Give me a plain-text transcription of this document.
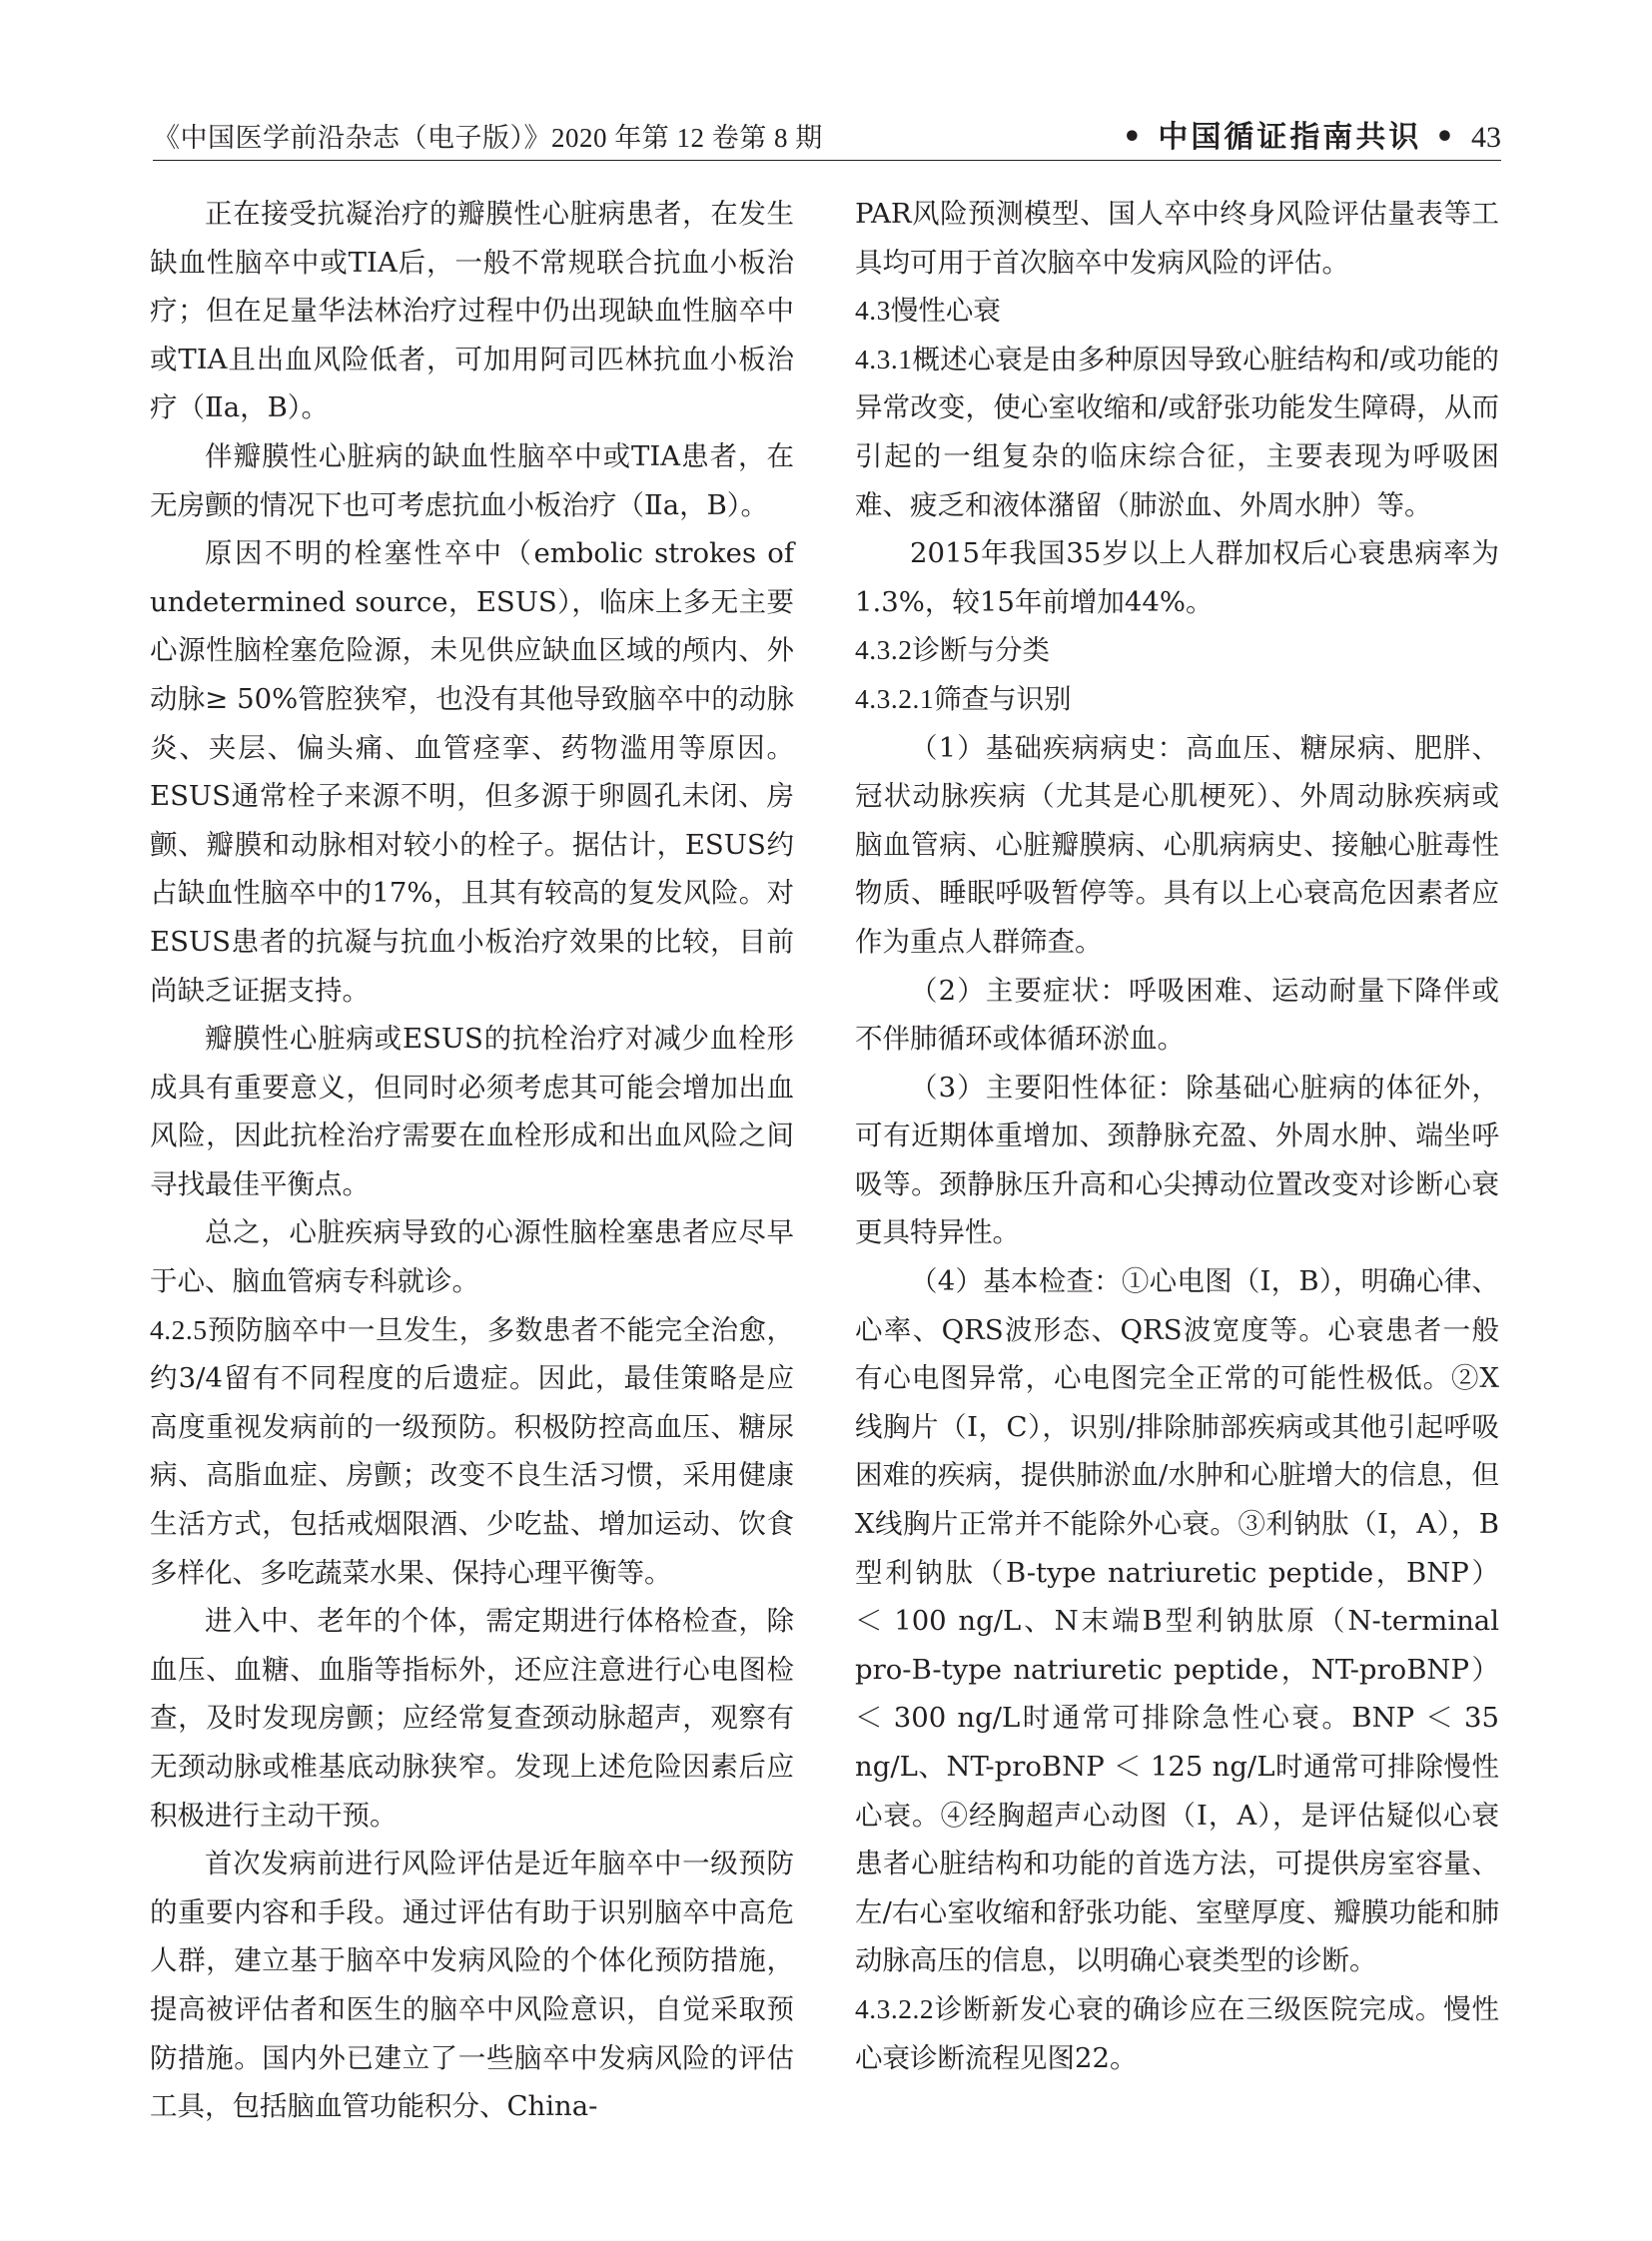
《中国医学前沿杂志（电子版）》2020 年第 12 卷第 8 期	• 中国循证指南共识 • 43

正在接受抗凝治疗的瓣膜性心脏病患者，在发生缺血性脑卒中或TIA后，一般不常规联合抗血小板治疗；但在足量华法林治疗过程中仍出现缺血性脑卒中或TIA且出血风险低者，可加用阿司匹林抗血小板治疗（Ⅱa，B）。

伴瓣膜性心脏病的缺血性脑卒中或TIA患者，在无房颤的情况下也可考虑抗血小板治疗（Ⅱa，B）。

原因不明的栓塞性卒中（embolic strokes of undetermined source，ESUS），临床上多无主要心源性脑栓塞危险源，未见供应缺血区域的颅内、外动脉≥ 50%管腔狭窄，也没有其他导致脑卒中的动脉炎、夹层、偏头痛、血管痉挛、药物滥用等原因。ESUS通常栓子来源不明，但多源于卵圆孔未闭、房颤、瓣膜和动脉相对较小的栓子。据估计，ESUS约占缺血性脑卒中的17%，且其有较高的复发风险。对ESUS患者的抗凝与抗血小板治疗效果的比较，目前尚缺乏证据支持。

瓣膜性心脏病或ESUS的抗栓治疗对减少血栓形成具有重要意义，但同时必须考虑其可能会增加出血风险，因此抗栓治疗需要在血栓形成和出血风险之间寻找最佳平衡点。

总之，心脏疾病导致的心源性脑栓塞患者应尽早于心、脑血管病专科就诊。

4.2.5预防脑卒中一旦发生，多数患者不能完全治愈，约3/4留有不同程度的后遗症。因此，最佳策略是应高度重视发病前的一级预防。积极防控高血压、糖尿病、高脂血症、房颤；改变不良生活习惯，采用健康生活方式，包括戒烟限酒、少吃盐、增加运动、饮食多样化、多吃蔬菜水果、保持心理平衡等。

进入中、老年的个体，需定期进行体格检查，除血压、血糖、血脂等指标外，还应注意进行心电图检查，及时发现房颤；应经常复查颈动脉超声，观察有无颈动脉或椎基底动脉狭窄。发现上述危险因素后应积极进行主动干预。

首次发病前进行风险评估是近年脑卒中一级预防的重要内容和手段。通过评估有助于识别脑卒中高危人群，建立基于脑卒中发病风险的个体化预防措施，提高被评估者和医生的脑卒中风险意识，自觉采取预防措施。国内外已建立了一些脑卒中发病风险的评估工具，包括脑血管功能积分、China-

PAR风险预测模型、国人卒中终身风险评估量表等工具均可用于首次脑卒中发病风险的评估。

4.3慢性心衰

4.3.1概述心衰是由多种原因导致心脏结构和/或功能的异常改变，使心室收缩和/或舒张功能发生障碍，从而引起的一组复杂的临床综合征，主要表现为呼吸困难、疲乏和液体潴留（肺淤血、外周水肿）等。

2015年我国35岁以上人群加权后心衰患病率为1.3%，较15年前增加44%。

4.3.2诊断与分类

4.3.2.1筛查与识别

（1）基础疾病病史：高血压、糖尿病、肥胖、冠状动脉疾病（尤其是心肌梗死）、外周动脉疾病或脑血管病、心脏瓣膜病、心肌病病史、接触心脏毒性物质、睡眠呼吸暂停等。具有以上心衰高危因素者应作为重点人群筛查。

（2）主要症状：呼吸困难、运动耐量下降伴或不伴肺循环或体循环淤血。

（3）主要阳性体征：除基础心脏病的体征外，可有近期体重增加、颈静脉充盈、外周水肿、端坐呼吸等。颈静脉压升高和心尖搏动位置改变对诊断心衰更具特异性。

（4）基本检查：①心电图（Ⅰ，B），明确心律、心率、QRS波形态、QRS波宽度等。心衰患者一般有心电图异常，心电图完全正常的可能性极低。②X线胸片（Ⅰ，C），识别/排除肺部疾病或其他引起呼吸困难的疾病，提供肺淤血/水肿和心脏增大的信息，但X线胸片正常并不能除外心衰。③利钠肽（Ⅰ，A），B型利钠肽（B-type natriuretic peptide，BNP）＜ 100 ng/L、N末端B型利钠肽原（N-terminal pro-B-type natriuretic peptide，NT-proBNP）＜ 300 ng/L时通常可排除急性心衰。BNP ＜ 35 ng/L、NT-proBNP ＜ 125 ng/L时通常可排除慢性心衰。④经胸超声心动图（Ⅰ，A），是评估疑似心衰患者心脏结构和功能的首选方法，可提供房室容量、左/右心室收缩和舒张功能、室壁厚度、瓣膜功能和肺动脉高压的信息，以明确心衰类型的诊断。

4.3.2.2诊断新发心衰的确诊应在三级医院完成。慢性心衰诊断流程见图22。
